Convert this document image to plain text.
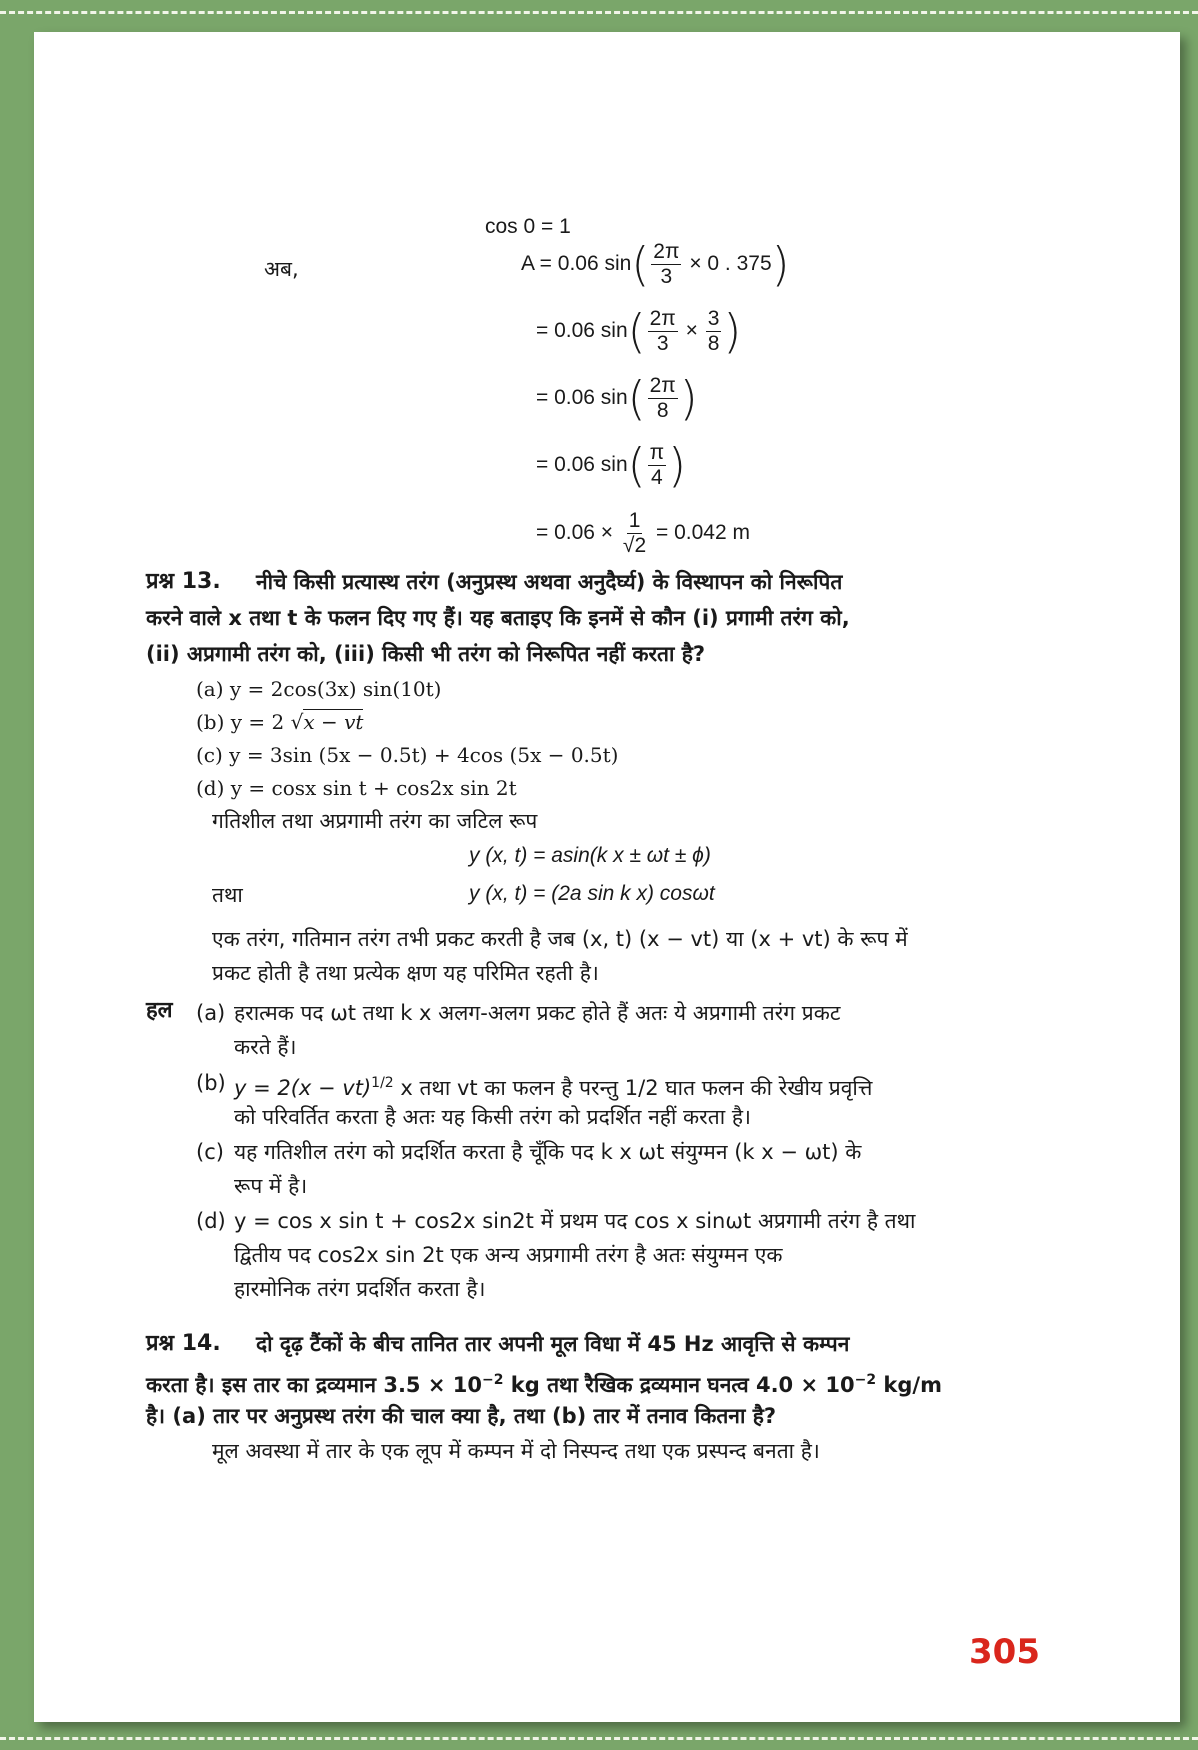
cos 0 = 1
अब,	A = 0.06 $\sin( \frac{2\pi}{3} \times 0$ . 375)
= 0.06 $\sin( \frac{2\pi}{3} \times \frac{3}{8}$ )
= 0.06 $\sin( \frac{2\pi}{8}$ )
= 0.06 $\sin( \frac{\pi}{4}$ )
= $0.06 \times \frac{1}{√2} = 0.042$ m
प्रश्न 13. नीचे किसी प्रत्यास्थ तरंग (अनुप्रस्थ अथवा अनुदैर्घ्य) के विस्थापन को निरूपित
करने वाले x तथा t के फलन दिए गए हैं। यह बताइए कि इनमें से कौन (i) प्रगामी तरंग को,
(ii) अप्रगामी तरंग को, (iii) किसी भी तरंग को निरूपित नहीं करता है?
(a) y = 2cos(3x) sin(10t)
(b) y = 2 √x − vt
(c) y = 3sin (5x − 0.5t) + 4cos (5x − 0.5t)
(d) y = cosx sin t + cos2x sin 2t
गतिशील तथा अप्रगामी तरंग का जटिल रूप
y (x, t) = asin(k x ± ωt ± ϕ)
तथा	y (x, t) = (2a sin k x) cosωt
एक तरंग, गतिमान तरंग तभी प्रकट करती है जब (x, t) (x − vt) या (x + vt) के रूप में
प्रकट होती है तथा प्रत्येक क्षण यह परिमित रहती है।
हल (a) हरात्मक पद ωt तथा k x अलग-अलग प्रकट होते हैं अतः ये अप्रगामी तरंग प्रकट
करते हैं।
(b) y = 2(x − vt)$^{1/2}$ x तथा vt का फलन है परन्तु 1/2 घात फलन की रेखीय प्रवृत्ति
को परिवर्तित करता है अतः यह किसी तरंग को प्रदर्शित नहीं करता है।
(c) यह गतिशील तरंग को प्रदर्शित करता है चूँकि पद k x ωt संयुग्मन (k x − ωt) के
रूप में है।
(d) y = cos x sin t + cos2x sin2t में प्रथम पद cos x sinωt अप्रगामी तरंग है तथा
द्वितीय पद cos2x sin 2t एक अन्य अप्रगामी तरंग है अतः संयुग्मन एक
हारमोनिक तरंग प्रदर्शित करता है।
प्रश्न 14. दो दृढ़ टैंकों के बीच तानित तार अपनी मूल विधा में 45 Hz आवृत्ति से कम्पन
करता है। इस तार का द्रव्यमान $3.5 \times 10^{-2}$ kg तथा रैखिक द्रव्यमान घनत्व $4.0 \times 10^{-2}$ kg/m
है। (a) तार पर अनुप्रस्थ तरंग की चाल क्या है, तथा (b) तार में तनाव कितना है?
मूल अवस्था में तार के एक लूप में कम्पन में दो निस्पन्द तथा एक प्रस्पन्द बनता है।
305
